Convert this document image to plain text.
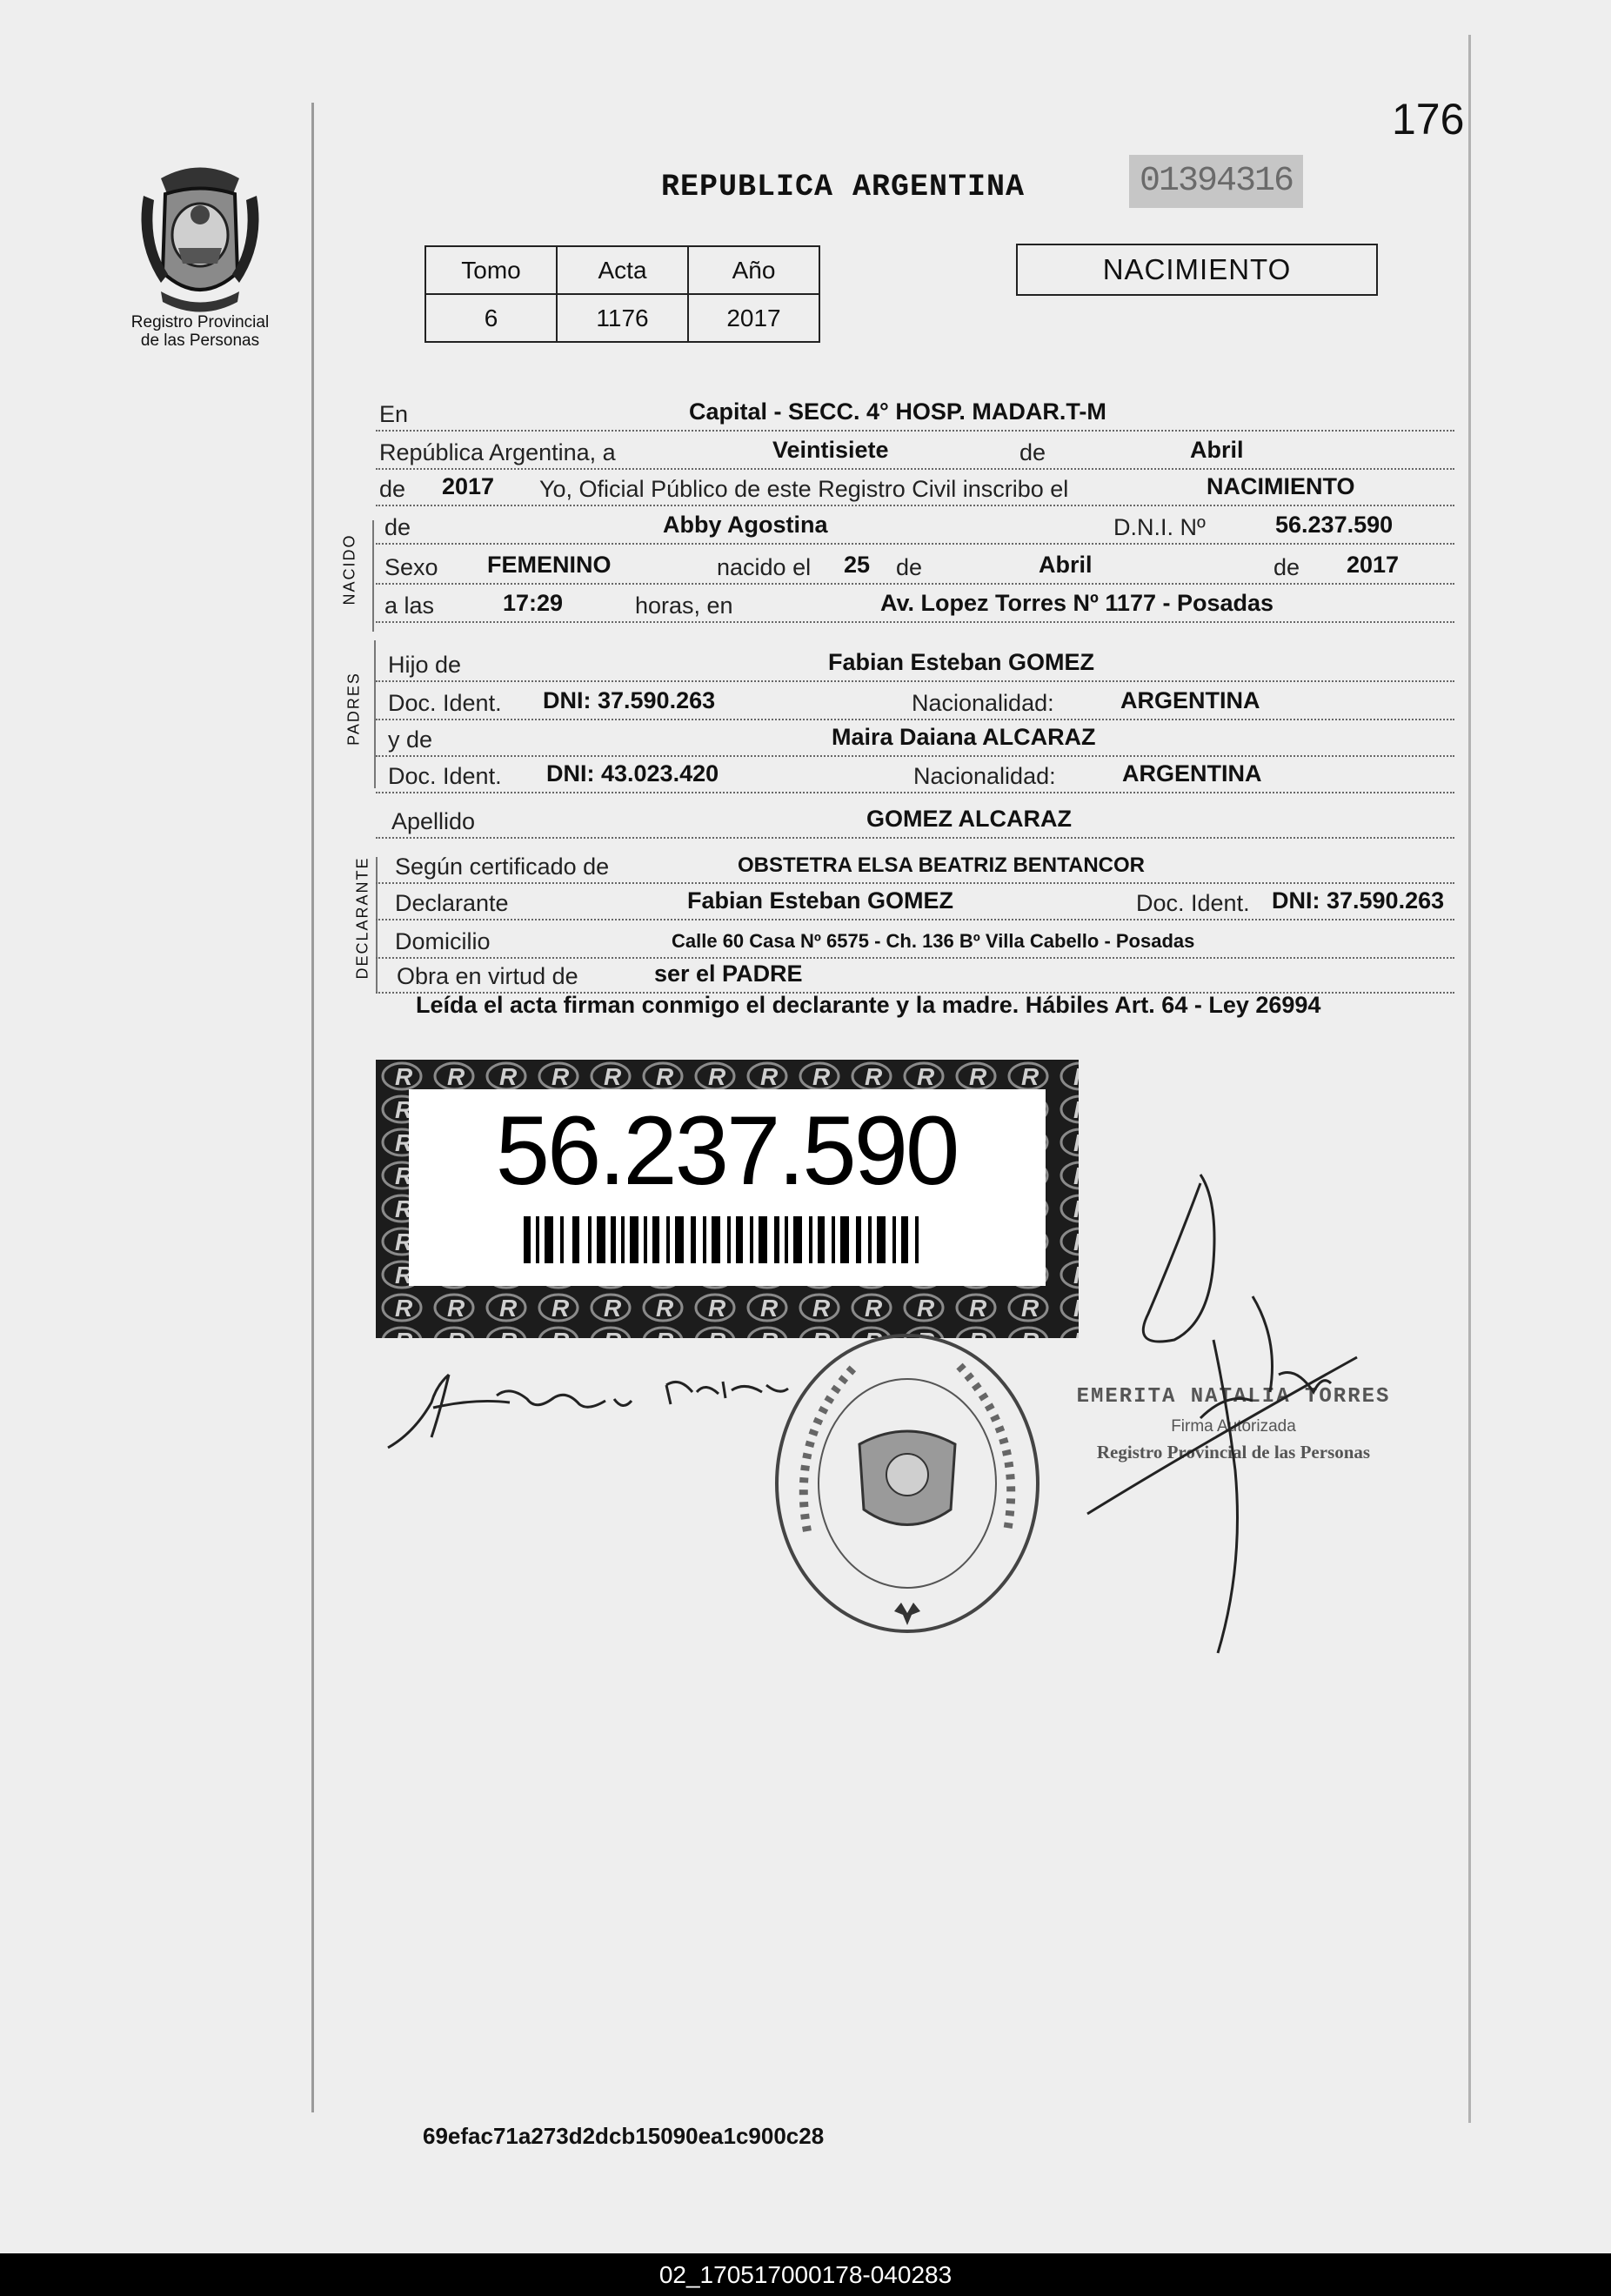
176
Registro Provincial
de las Personas
REPUBLICA ARGENTINA	01394316
Tomo	Acta	Año
6	1176	2017
NACIMIENTO
En	Capital - SECC. 4° HOSP. MADAR.T-M
República Argentina, a	Veintisiete	de	Abril
de 2017 Yo, Oficial Público de este Registro Civil inscribo el	NACIMIENTO
NACIDO
de	Abby Agostina	D.N.I. Nº	56.237.590
Sexo FEMENINO	nacido el 25 de	Abril	de 2017
a las	17:29	horas, en	Av. Lopez Torres Nº 1177 - Posadas
PADRES
Hijo de	Fabian Esteban GOMEZ
Doc. Ident. DNI: 37.590.263	Nacionalidad:	ARGENTINA
y de	Maira Daiana ALCARAZ
Doc. Ident. DNI: 43.023.420	Nacionalidad:	ARGENTINA
Apellido	GOMEZ ALCARAZ
DECLARANTE Según certificado de	OBSTETRA ELSA BEATRIZ BENTANCOR
Declarante	Fabian Esteban GOMEZ	Doc. Ident. DNI: 37.590.263
Domicilio	Calle 60 Casa Nº 6575 - Ch. 136 Bº Villa Cabello - Posadas
Obra en virtud de	ser el PADRE
Leída el acta firman conmigo el declarante y la madre. Hábiles Art. 64 - Ley 26994
56.237.590
EMERITA NATALIA TORRES
Firma Autorizada
Registro Provincial de las Personas
69efac71a273d2dcb15090ea1c900c28
02_170517000178-040283
